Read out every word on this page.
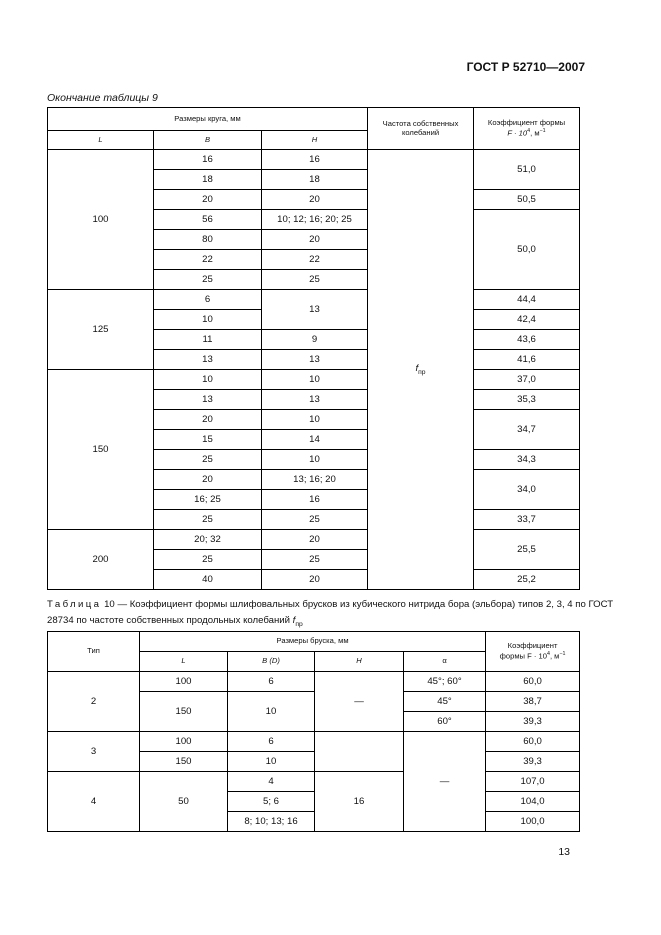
ГОСТ Р 52710—2007
Окончание таблицы 9
Размеры круга, мм			Частота собственных колебаний	Коэффициент формы
$F \cdot 10^4$, $м^{-1}$

L	B	H		
100	16	16	$f_{пр}$	51,0
	18	18		
	20	20		50,5
	56	10; 12; 16; 20; 25		50,0
	80	20		
	22	22		
	25	25		
125	6	13		44,4
	10			42,4
	11	9		43,6
	13	13		41,6
150	10	10		37,0
	13	13		35,3
	20	10		34,7
	15	14		
	25	10		34,3
	20	13; 16; 20		34,0
	16; 25	16		
	25	25		33,7
200	20; 32	20		25,5
	25	25		
	40	20		25,2
Таблица 10 — Коэффициент формы шлифовальных брусков из кубического нитрида бора (эльбора) типов 2, 3, 4 по ГОСТ 28734 по частоте собственных продольных колебаний $f_{пр}$
Тип	Размеры бруска, мм				Коэффициент
формы $F \cdot 10^4$, $м^{-1}$

	L	B (D)	H	α	
2	100	6	—	45°; 60°	60,0
	150	10		45°	38,7
				60°	39,3
3	100	6		—	60,0
	150	10			39,3
4	50	4	16		107,0
		5; 6			104,0
		8; 10; 13; 16			100,0
13
